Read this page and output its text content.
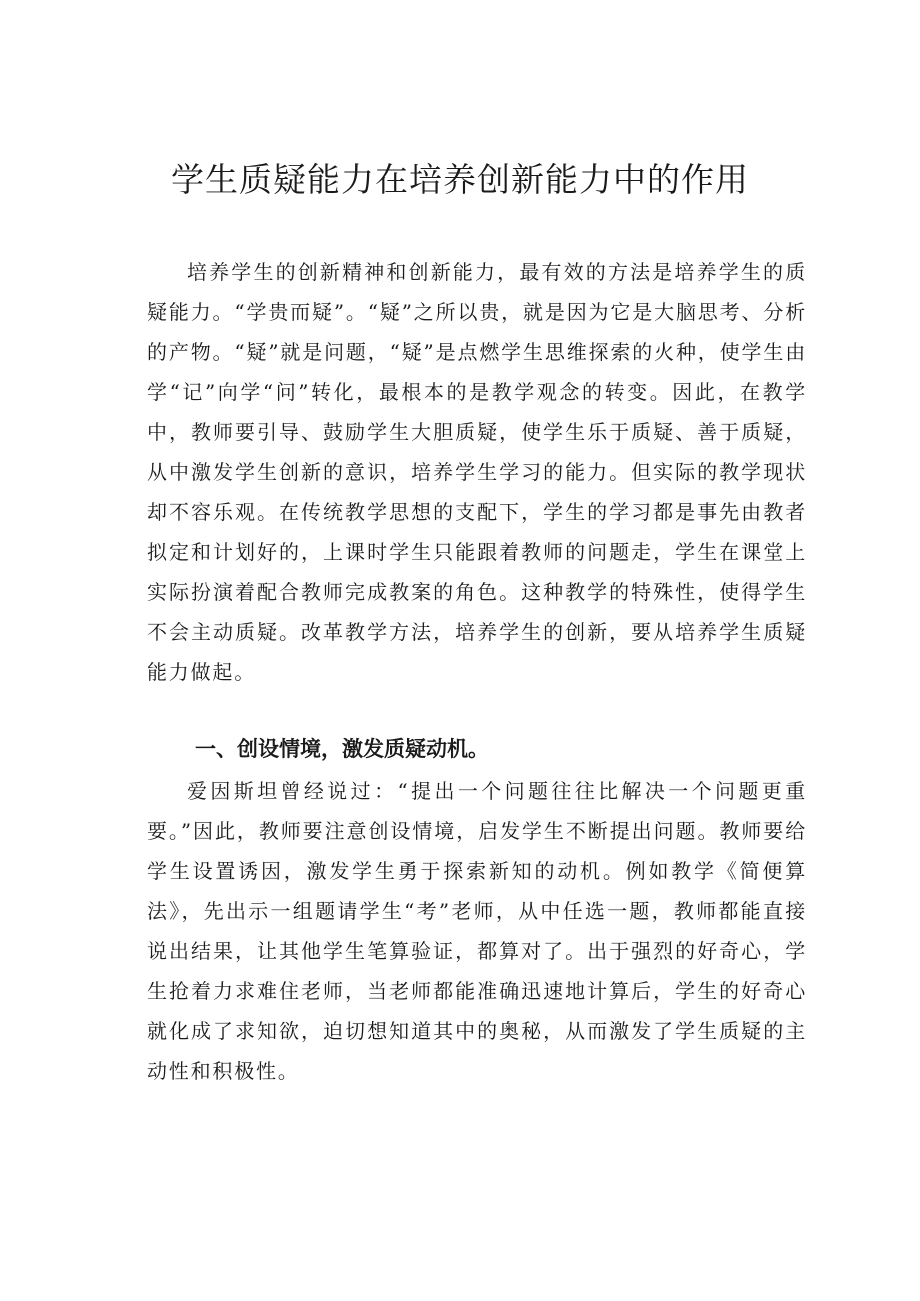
学生质疑能力在培养创新能力中的作用

培养学生的创新精神和创新能力，最有效的方法是培养学生的质疑能力。“学贵而疑”。“疑”之所以贵，就是因为它是大脑思考、分析的产物。“疑”就是问题，“疑”是点燃学生思维探索的火种，使学生由学“记”向学“问”转化，最根本的是教学观念的转变。因此，在教学中，教师要引导、鼓励学生大胆质疑，使学生乐于质疑、善于质疑，从中激发学生创新的意识，培养学生学习的能力。但实际的教学现状却不容乐观。在传统教学思想的支配下，学生的学习都是事先由教者拟定和计划好的，上课时学生只能跟着教师的问题走，学生在课堂上实际扮演着配合教师完成教案的角色。这种教学的特殊性，使得学生不会主动质疑。改革教学方法，培养学生的创新，要从培养学生质疑能力做起。

一、创设情境，激发质疑动机。

爱因斯坦曾经说过：“提出一个问题往往比解决一个问题更重要。”因此，教师要注意创设情境，启发学生不断提出问题。教师要给学生设置诱因，激发学生勇于探索新知的动机。例如教学《简便算法》，先出示一组题请学生“考”老师，从中任选一题，教师都能直接说出结果，让其他学生笔算验证，都算对了。出于强烈的好奇心，学生抢着力求难住老师，当老师都能准确迅速地计算后，学生的好奇心就化成了求知欲，迫切想知道其中的奥秘，从而激发了学生质疑的主动性和积极性。
